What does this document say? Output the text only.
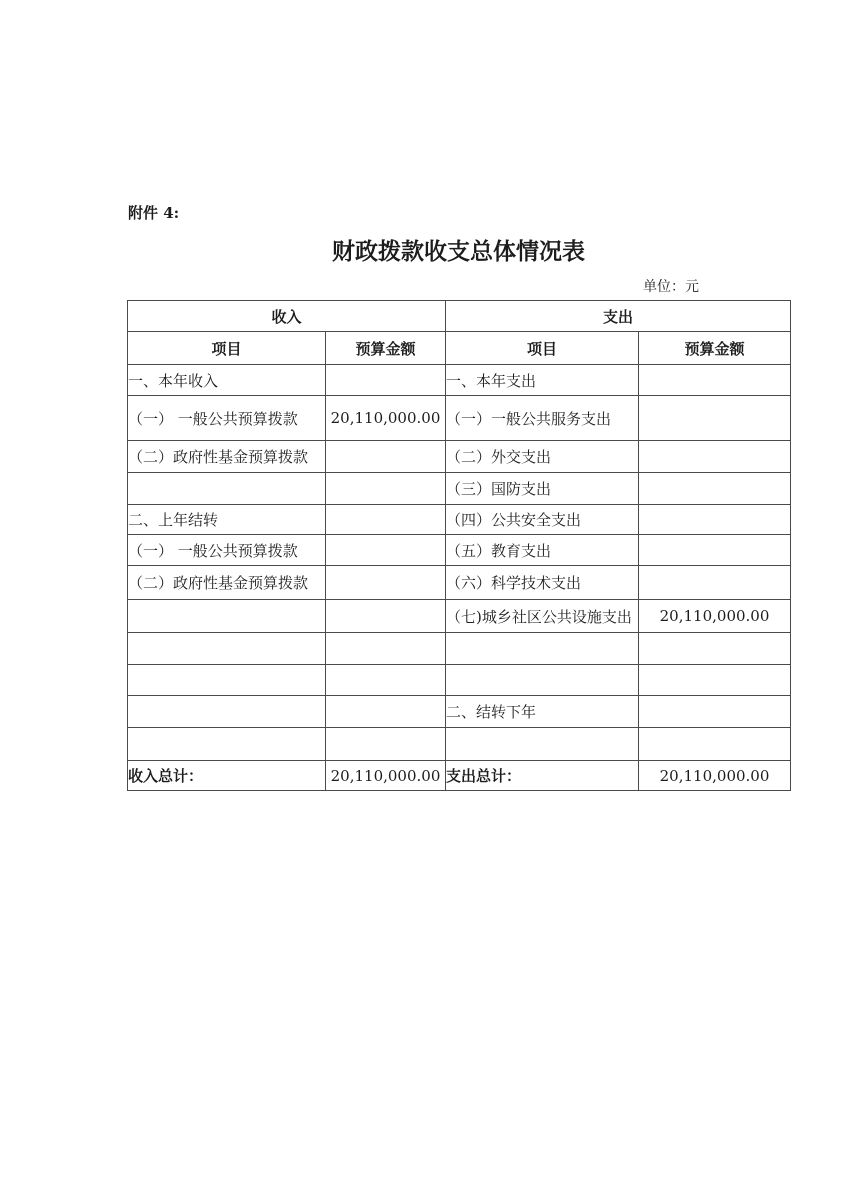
附件 4:
财政拨款收支总体情况表
单位：元
收入		支出	
项目	预算金额	项目	预算金额
一、本年收入		一、本年支出	
（一） 一般公共预算拨款	20,110,000.00	（一）一般公共服务支出	
（二）政府性基金预算拨款		（二）外交支出	
		（三）国防支出	
二、上年结转		（四）公共安全支出	
（一） 一般公共预算拨款		（五）教育支出	
（二）政府性基金预算拨款		（六）科学技术支出	
		（七)城乡社区公共设施支出	20,110,000.00

		二、结转下年	

收入总计：	20,110,000.00	支出总计：	20,110,000.00
